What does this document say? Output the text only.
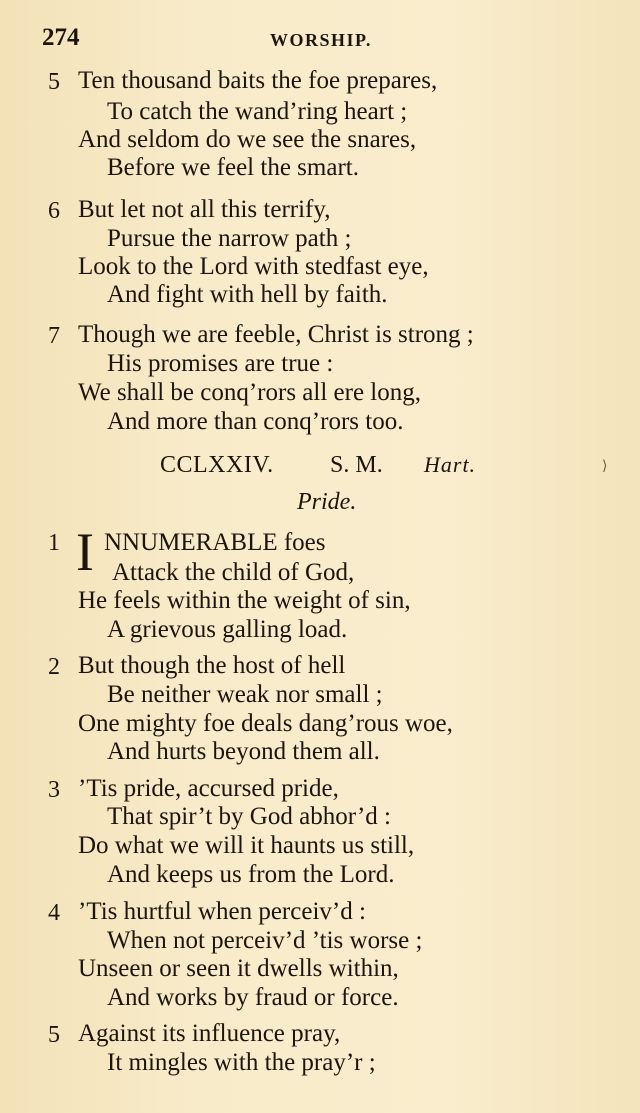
274	WORSHIP.
5 Ten thousand baits the foe prepares,
To catch the wand’ring heart ;
And seldom do we see the snares,
Before we feel the smart.
6 But let not all this terrify,
Pursue the narrow path ;
Look to the Lord with stedfast eye,
And fight with hell by faith.
7 Though we are feeble, Christ is strong ;
His promises are true :
We shall be conq’rors all ere long,
And more than conq’rors too.
CCLXXIV. S. M. Hart.
Pride.
⟩
1 I NNUMERABLE foes
Attack the child of God,
He feels within the weight of sin,
A grievous galling load.
2 But though the host of hell
Be neither weak nor small ;
One mighty foe deals dang’rous woe,
And hurts beyond them all.
3 ’Tis pride, accursed pride,
That spir’t by God abhor’d :
Do what we will it haunts us still,
And keeps us from the Lord.
4 ’Tis hurtful when perceiv’d :
When not perceiv’d ’tis worse ;
Unseen or seen it dwells within,
And works by fraud or force.
5 Against its influence pray,
It mingles with the pray’r ;
